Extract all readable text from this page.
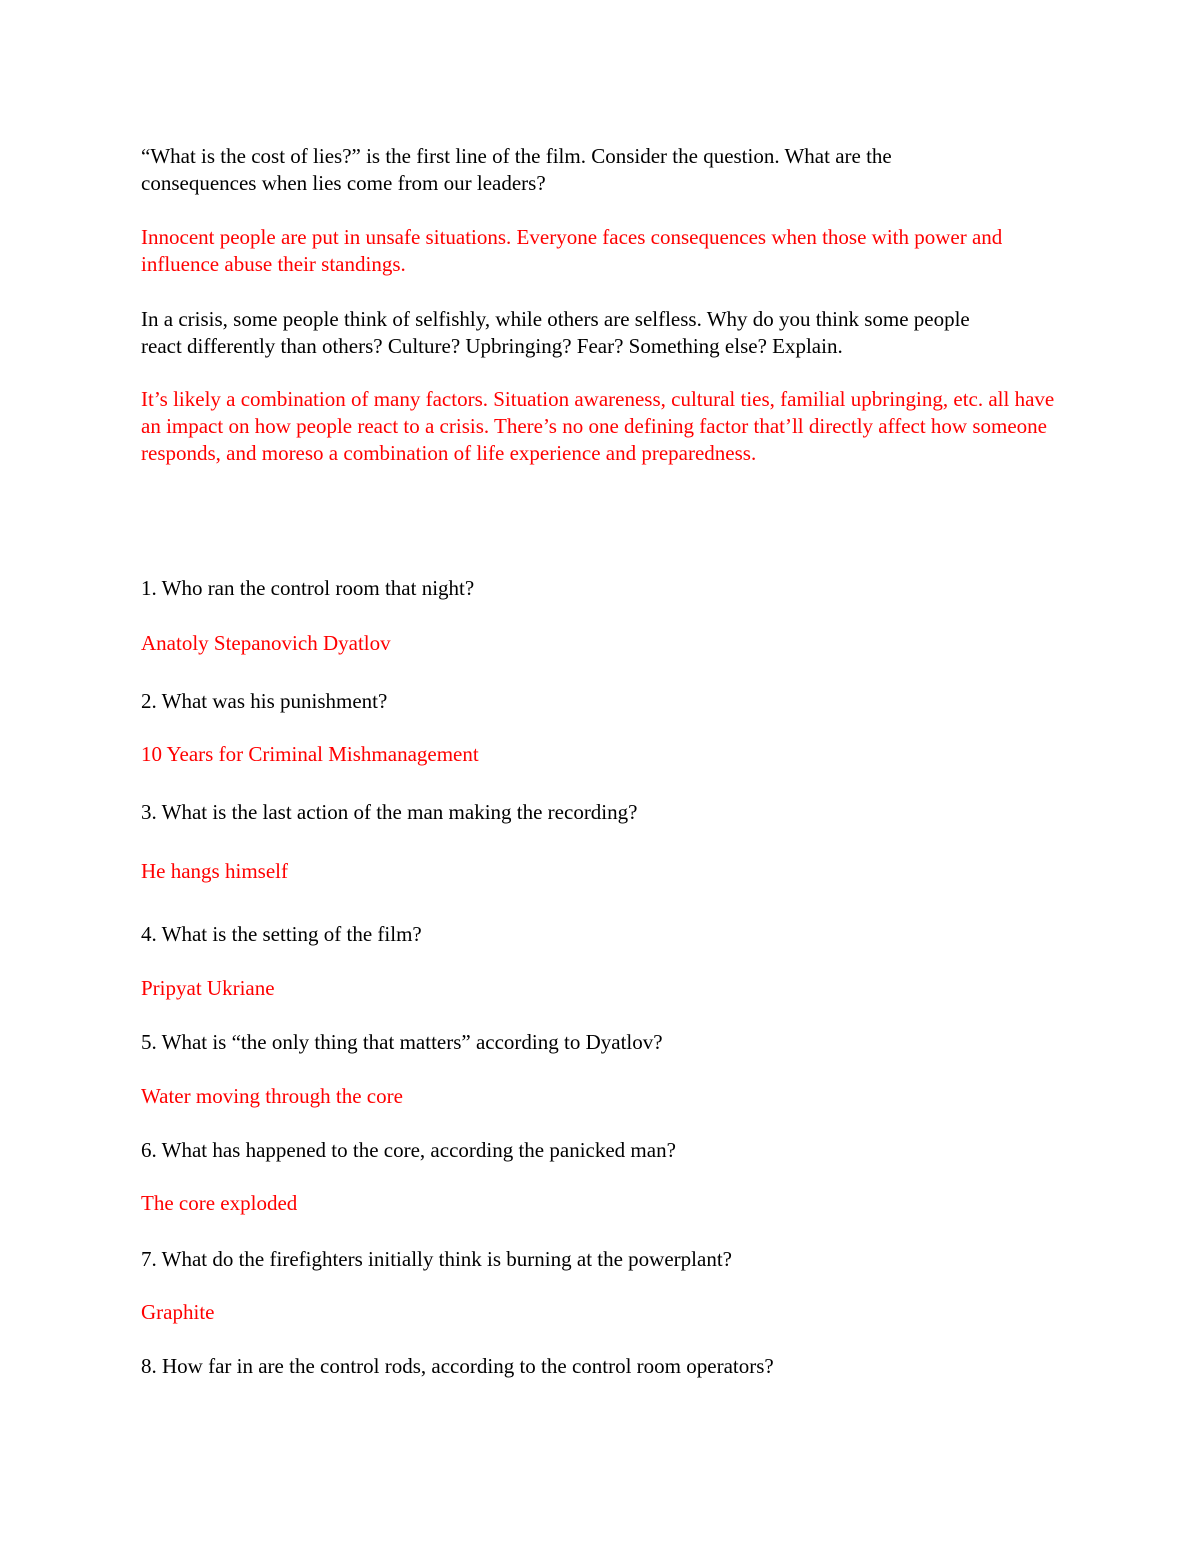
“What is the cost of lies?” is the first line of the film. Consider the question. What are the
consequences when lies come from our leaders?

Innocent people are put in unsafe situations. Everyone faces consequences when those with power and
influence abuse their standings.

In a crisis, some people think of selfishly, while others are selfless. Why do you think some people
react differently than others? Culture? Upbringing? Fear? Something else? Explain.

It’s likely a combination of many factors. Situation awareness, cultural ties, familial upbringing, etc. all have
an impact on how people react to a crisis. There’s no one defining factor that’ll directly affect how someone
responds, and moreso a combination of life experience and preparedness.

1. Who ran the control room that night?

Anatoly Stepanovich Dyatlov

2. What was his punishment?

10 Years for Criminal Mishmanagement

3. What is the last action of the man making the recording?

He hangs himself

4. What is the setting of the film?

Pripyat Ukriane

5. What is “the only thing that matters” according to Dyatlov?

Water moving through the core

6. What has happened to the core, according the panicked man?

The core exploded

7. What do the firefighters initially think is burning at the powerplant?

Graphite

8. How far in are the control rods, according to the control room operators?
